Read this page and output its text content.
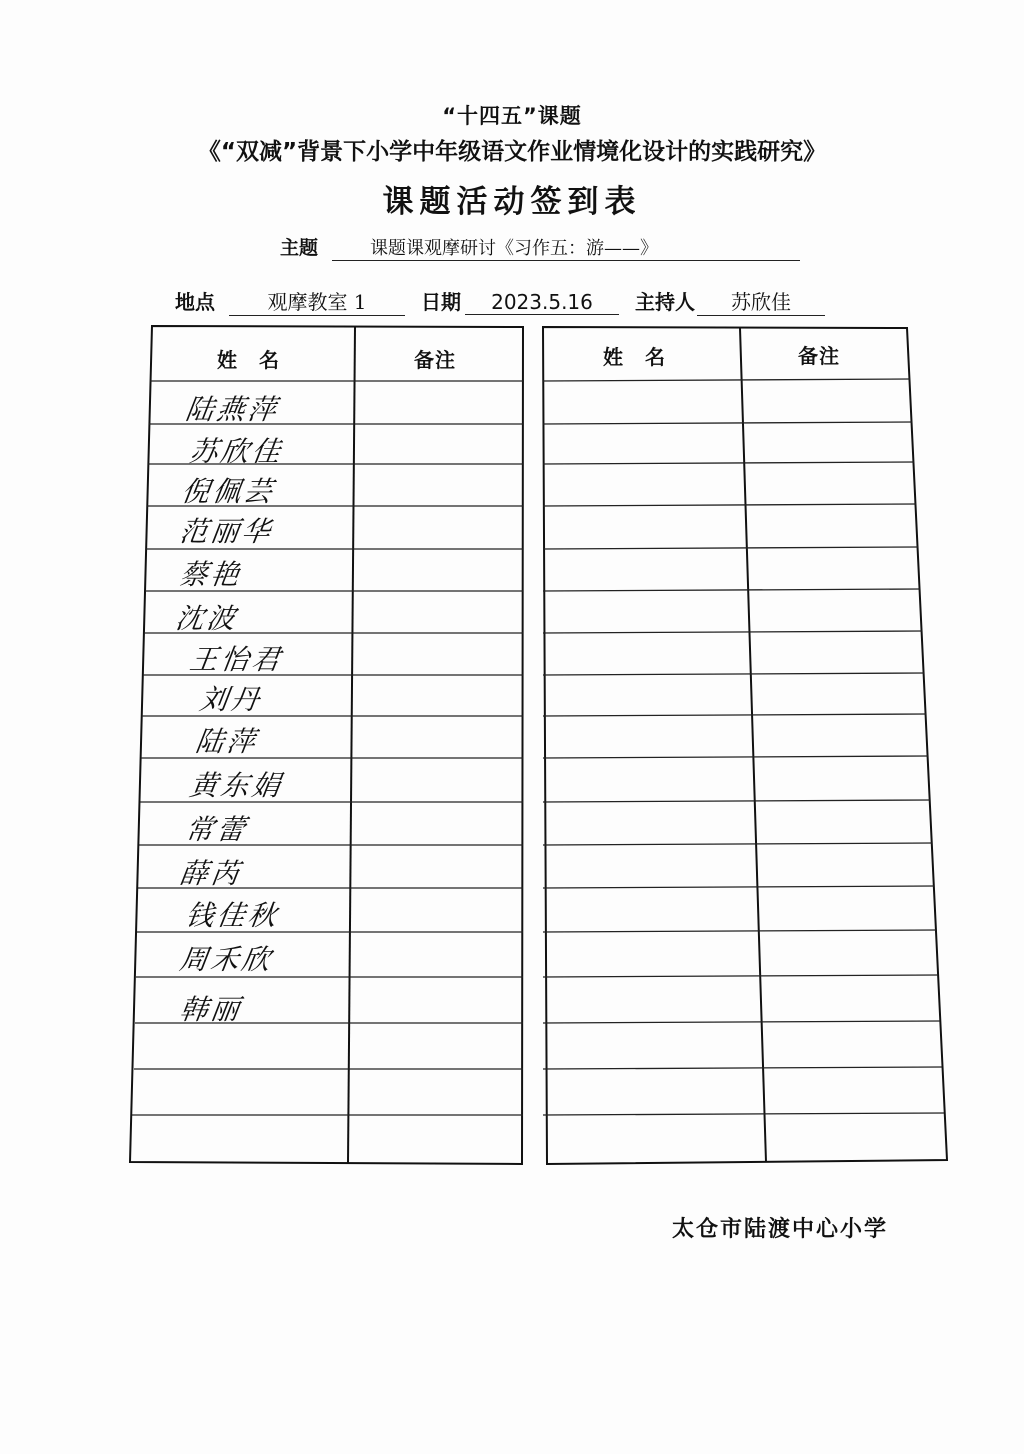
“十四五”课题
《“双减”背景下小学中年级语文作业情境化设计的实践研究》
课题活动签到表
主题	课题课观摩研讨《习作五：游——》
地点	观摩教室 1	日期 2023.5.16 主持人 苏欣佳
姓　名	备注	姓　名	备注
陆燕萍
苏欣佳
倪佩芸
范丽华
蔡艳
沈波
王怡君
刘丹
陆萍
黄东娟
常蕾
薛芮
钱佳秋
周禾欣
韩丽
太仓市陆渡中心小学
